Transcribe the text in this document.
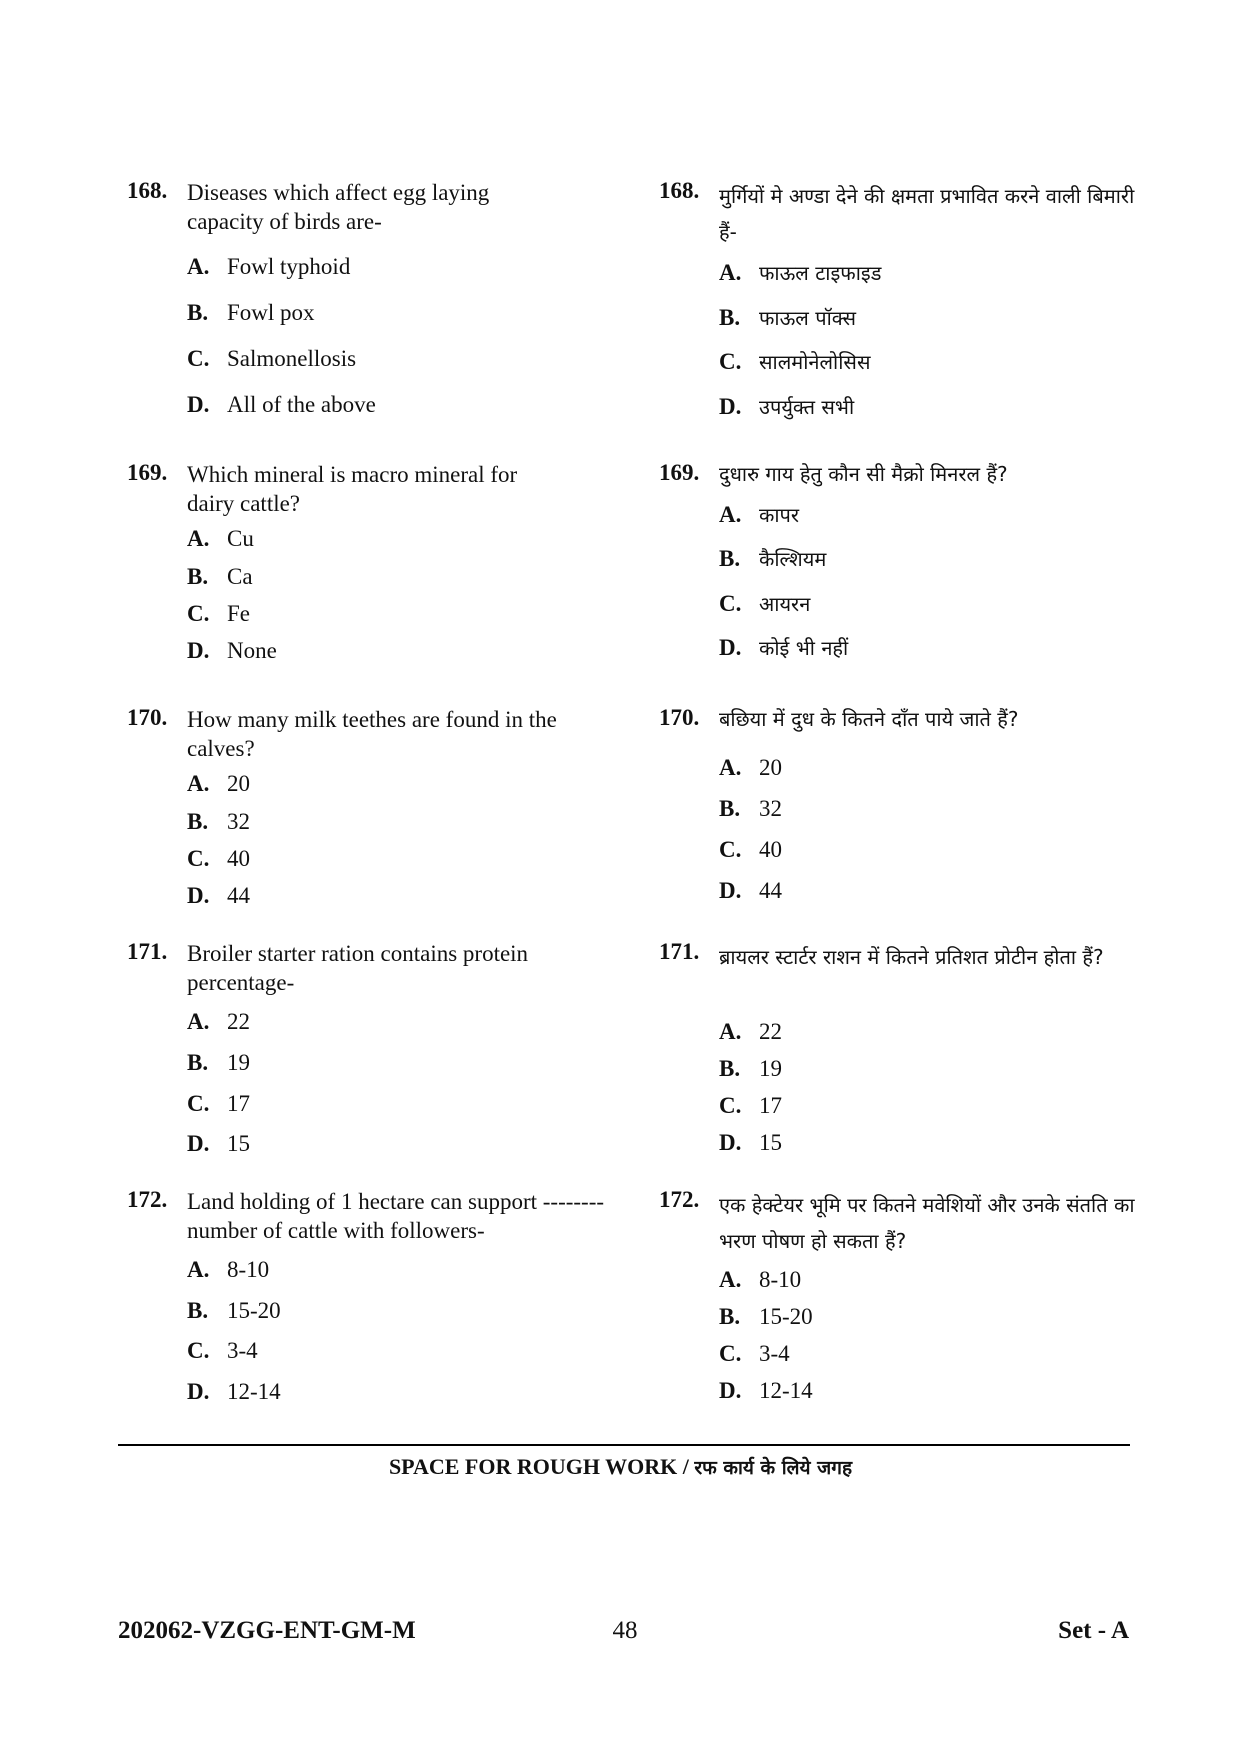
168. Diseases which affect egg laying capacity of birds are-
A. Fowl typhoid
B. Fowl pox
C. Salmonellosis
D. All of the above
169. Which mineral is macro mineral for dairy cattle?
A. Cu
B. Ca
C. Fe
D. None
170. How many milk teethes are found in the calves?
A. 20
B. 32
C. 40
D. 44
171. Broiler starter ration contains protein percentage-
A. 22
B. 19
C. 17
D. 15
172. Land holding of 1 hectare can support -------- number of cattle with followers-
A. 8-10
B. 15-20
C. 3-4
D. 12-14
168. मुर्गियों मे अण्डा देने की क्षमता प्रभावित करने वाली बिमारी हैं-
A. फाऊल टाइफाइड
B. फाऊल पॉक्स
C. सालमोनेलोसिस
D. उपर्युक्त सभी
169. दुधारु गाय हेतु कौन सी मैक्रो मिनरल हैं?
A. कापर
B. कैल्शियम
C. आयरन
D. कोई भी नहीं
170. बछिया में दुध के कितने दाँत पाये जाते हैं?
A. 20
B. 32
C. 40
D. 44
171. ब्रायलर स्टार्टर राशन में कितने प्रतिशत प्रोटीन होता हैं?
A. 22
B. 19
C. 17
D. 15
172. एक हेक्टेयर भूमि पर कितने मवेशियों और उनके संतति का भरण पोषण हो सकता हैं?
A. 8-10
B. 15-20
C. 3-4
D. 12-14
SPACE FOR ROUGH WORK / रफ कार्य के लिये जगह
202062-VZGG-ENT-GM-M	48	Set - A
